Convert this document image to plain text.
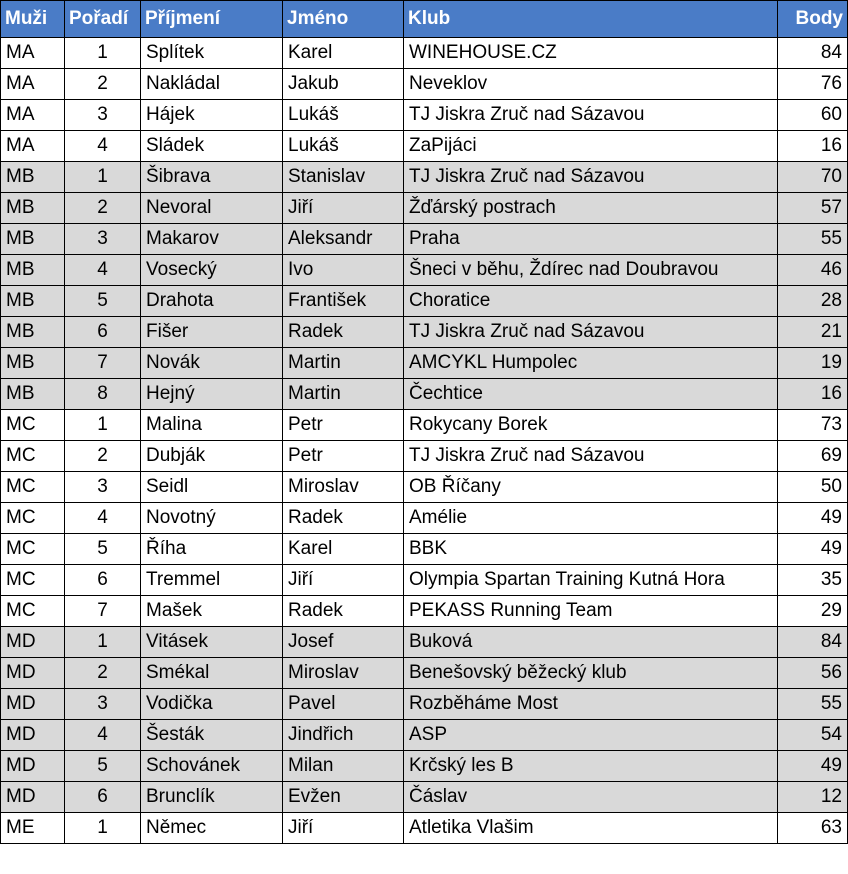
Muži	Pořadí	Příjmení	Jméno	Klub	Body
MA	1	Splítek	Karel	WINEHOUSE.CZ	84
MA	2	Nakládal	Jakub	Neveklov	76
MA	3	Hájek	Lukáš	TJ Jiskra Zruč nad Sázavou	60
MA	4	Sládek	Lukáš	ZaPijáci	16
MB	1	Šibrava	Stanislav	TJ Jiskra Zruč nad Sázavou	70
MB	2	Nevoral	Jiří	Žďárský postrach	57
MB	3	Makarov	Aleksandr	Praha	55
MB	4	Vosecký	Ivo	Šneci v běhu, Ždírec nad Doubravou	46
MB	5	Drahota	František	Choratice	28
MB	6	Fišer	Radek	TJ Jiskra Zruč nad Sázavou	21
MB	7	Novák	Martin	AMCYKL Humpolec	19
MB	8	Hejný	Martin	Čechtice	16
MC	1	Malina	Petr	Rokycany Borek	73
MC	2	Dubják	Petr	TJ Jiskra Zruč nad Sázavou	69
MC	3	Seidl	Miroslav	OB Říčany	50
MC	4	Novotný	Radek	Amélie	49
MC	5	Říha	Karel	BBK	49
MC	6	Tremmel	Jiří	Olympia Spartan Training Kutná Hora	35
MC	7	Mašek	Radek	PEKASS Running Team	29
MD	1	Vitásek	Josef	Buková	84
MD	2	Smékal	Miroslav	Benešovský běžecký klub	56
MD	3	Vodička	Pavel	Rozběháme Most	55
MD	4	Šesták	Jindřich	ASP	54
MD	5	Schovánek	Milan	Krčský les B	49
MD	6	Brunclík	Evžen	Čáslav	12
ME	1	Němec	Jiří	Atletika Vlašim	63
